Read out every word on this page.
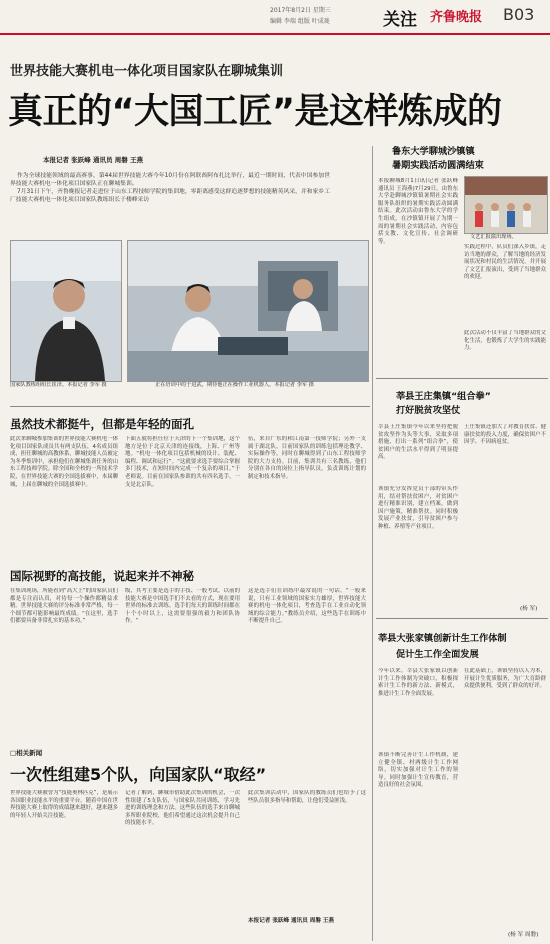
2017年8月2日 星期三
编辑 李瑞 组版 叶成珑	关注 齐鲁晚报 B03
世界技能大赛机电一体化项目国家队在聊城集训
真正的“大国工匠”是这样炼成的
本报记者 张跃峰 通讯员 周磐 王燕

作为全球技能领域的最高赛事，第44届世界技能大赛今年10月份在阿联酋阿布扎比举行，最近一期时间，代表中国参加世界技能大赛机电一体化项目国家队正在聊城集训。

7月31日下午，齐鲁晚报记者走进位于山东工程技师学院的集训地，零距离感受这群追逐梦想的技能精英风采，并和家乡工厂技能大赛机电一体化项目国家队教练组长于楼峰采访

国家队教练组组长崔泽。本报记者 李军 摄	正在培训中的于进武，期待他正在操作工业机器人。本报记者 李军 摄
虽然技术都挺牛，但都是年轻的面孔
此次来聊城参加集训的世界技能大赛机电一体化项目国家队成员共有两支队伍，4名成员组成，担任聊城的高教体系，聊城技能人员被定为冬季集训中，承担他们在聊城集训任务的山东工程技师学院。除全国和全校的一所技术学院，在世界技能大赛的全国选拔赛中，本届聊城，上届在聊城的全国选拔赛中。
下面五就将担任位于天津的下一个集训地，这个地方是位于北京天津的连接线，上海、广州等地。“机电一体化项目包括机械的设计、装配、编程、调试和运行”。“这就要求选手要综合掌握多门技术，在短时间内完成一个复杂的项目。”于老师说。目前在国家队参训的共有四名选手，一支是北京队。
伍，来自广东的和江南第一技师学院；另外一支属于湖北队。目前国家队的训练包括理论教学、实际操作等，同时在聊城得到了山东工程技师学院的大力支持。目前，集训共有三名教练，他们分别在各自的岗位上指导队员，负责训练计划的制定和技术指导。
国际视野的高技能，说起来并不神秘
在集训现场，所能看到“高大上”的国家队员们都是专注而认真，对待每一个操作都精益求精。世界技能大赛的评分标准非常严格，每一个细节都可能影响最终成绩。“在这里，选手们都要具备非常扎实的基本功。”
级，其考主要是选手的手技、一般考试，以前的技能大赛是中国选手们不去看的方式，现在要用世界的标准去训练。选手们每天的训练时间都在十个小时以上，这需要很强的毅力和团队协作。“
这是选手们在训练中最常说的一句话。“一般来说，只有工业领域的国家实力雄厚，世界技能大赛的机电一体化项目，考查选手在工业自动化领域的综合能力。”教练员介绍，这些选手在训练中不断提升自己。
□相关新闻
一次性组建5个队，向国家队“取经”
世界技能大赛被誉为“技能奥林匹克”，是展示各国职业技能水平的重要平台。随着中国在世界技能大赛上取得的成绩越来越好，越来越多的年轻人开始关注技能。
记者了解到，聊城市借助此次集训的机会，一次性组建了5支队伍，与国家队共同训练，学习先进的训练理念和方法。这些队伍的选手来自聊城多所职业院校，他们希望通过这次机会提升自己的技能水平。
此次集训活动中，国家队的教练员们也给予了这些队员很多指导和帮助，让他们受益匪浅。
本报记者 张跃峰 通讯员 周磐 王燕
鲁东大学聊城沙镇镇
暑期实践活动圆满结束
本报聊城8月1日讯(记者 张跃峰 通讯员 王海燕)7月29日，由鲁东大学赴聊城沙镇镇暑期社会实践服务队组织的暑期实践活动圆满结束。此次活动由鲁东大学的学生组成，在沙镇镇开展了为期一周的暑期社会实践活动，内容包括支教、文化宣传、社会调研等。
文艺汇报演出现场。
实践过程中，队员们深入乡镇，走访当地的群众，了解当地的经济发展状况和村民的生活情况，并开展了文艺汇报演出，受到了当地群众的欢迎。
此次活动不仅丰富了当地群众的文化生活，也锻炼了大学生的实践能力。
莘县王庄集镇“组合拳”
打好脱贫攻坚仗
莘县王庄集镇今年以来坚持把脱贫攻坚作为头等大事，采取多项措施，打出一系列“组合拳”，使贫困户的生活水平得到了明显提高。
该镇充分发挥党员干部的带头作用，结对帮扶贫困户，对贫困户进行精准识别，建立档案，做到因户施策，精准帮扶。同时积极发展产业扶贫，引导贫困户参与种植、养殖等产业项目。
王庄集镇还加大了对教育扶贫、健康扶贫的投入力度，确保贫困户不因学、不因病返贫。
(杨 军)
莘县大张家镇创新计生工作体制
促计生工作全面发展
今年以来，莘县大张家镇以创新计生工作体制为突破口，积极探索计生工作的新方法、新模式，推进计生工作全面发展。
该镇不断完善计生工作机制，建立健全镇、村两级计生工作网络，切实加强对计生工作的领导。同时加强计生宣传教育，营造良好的社会氛围。
在此基础上，该镇坚持以人为本，开展计生优质服务，为广大育龄群众提供便利，受到了群众的好评。
(杨 军 周磐)
